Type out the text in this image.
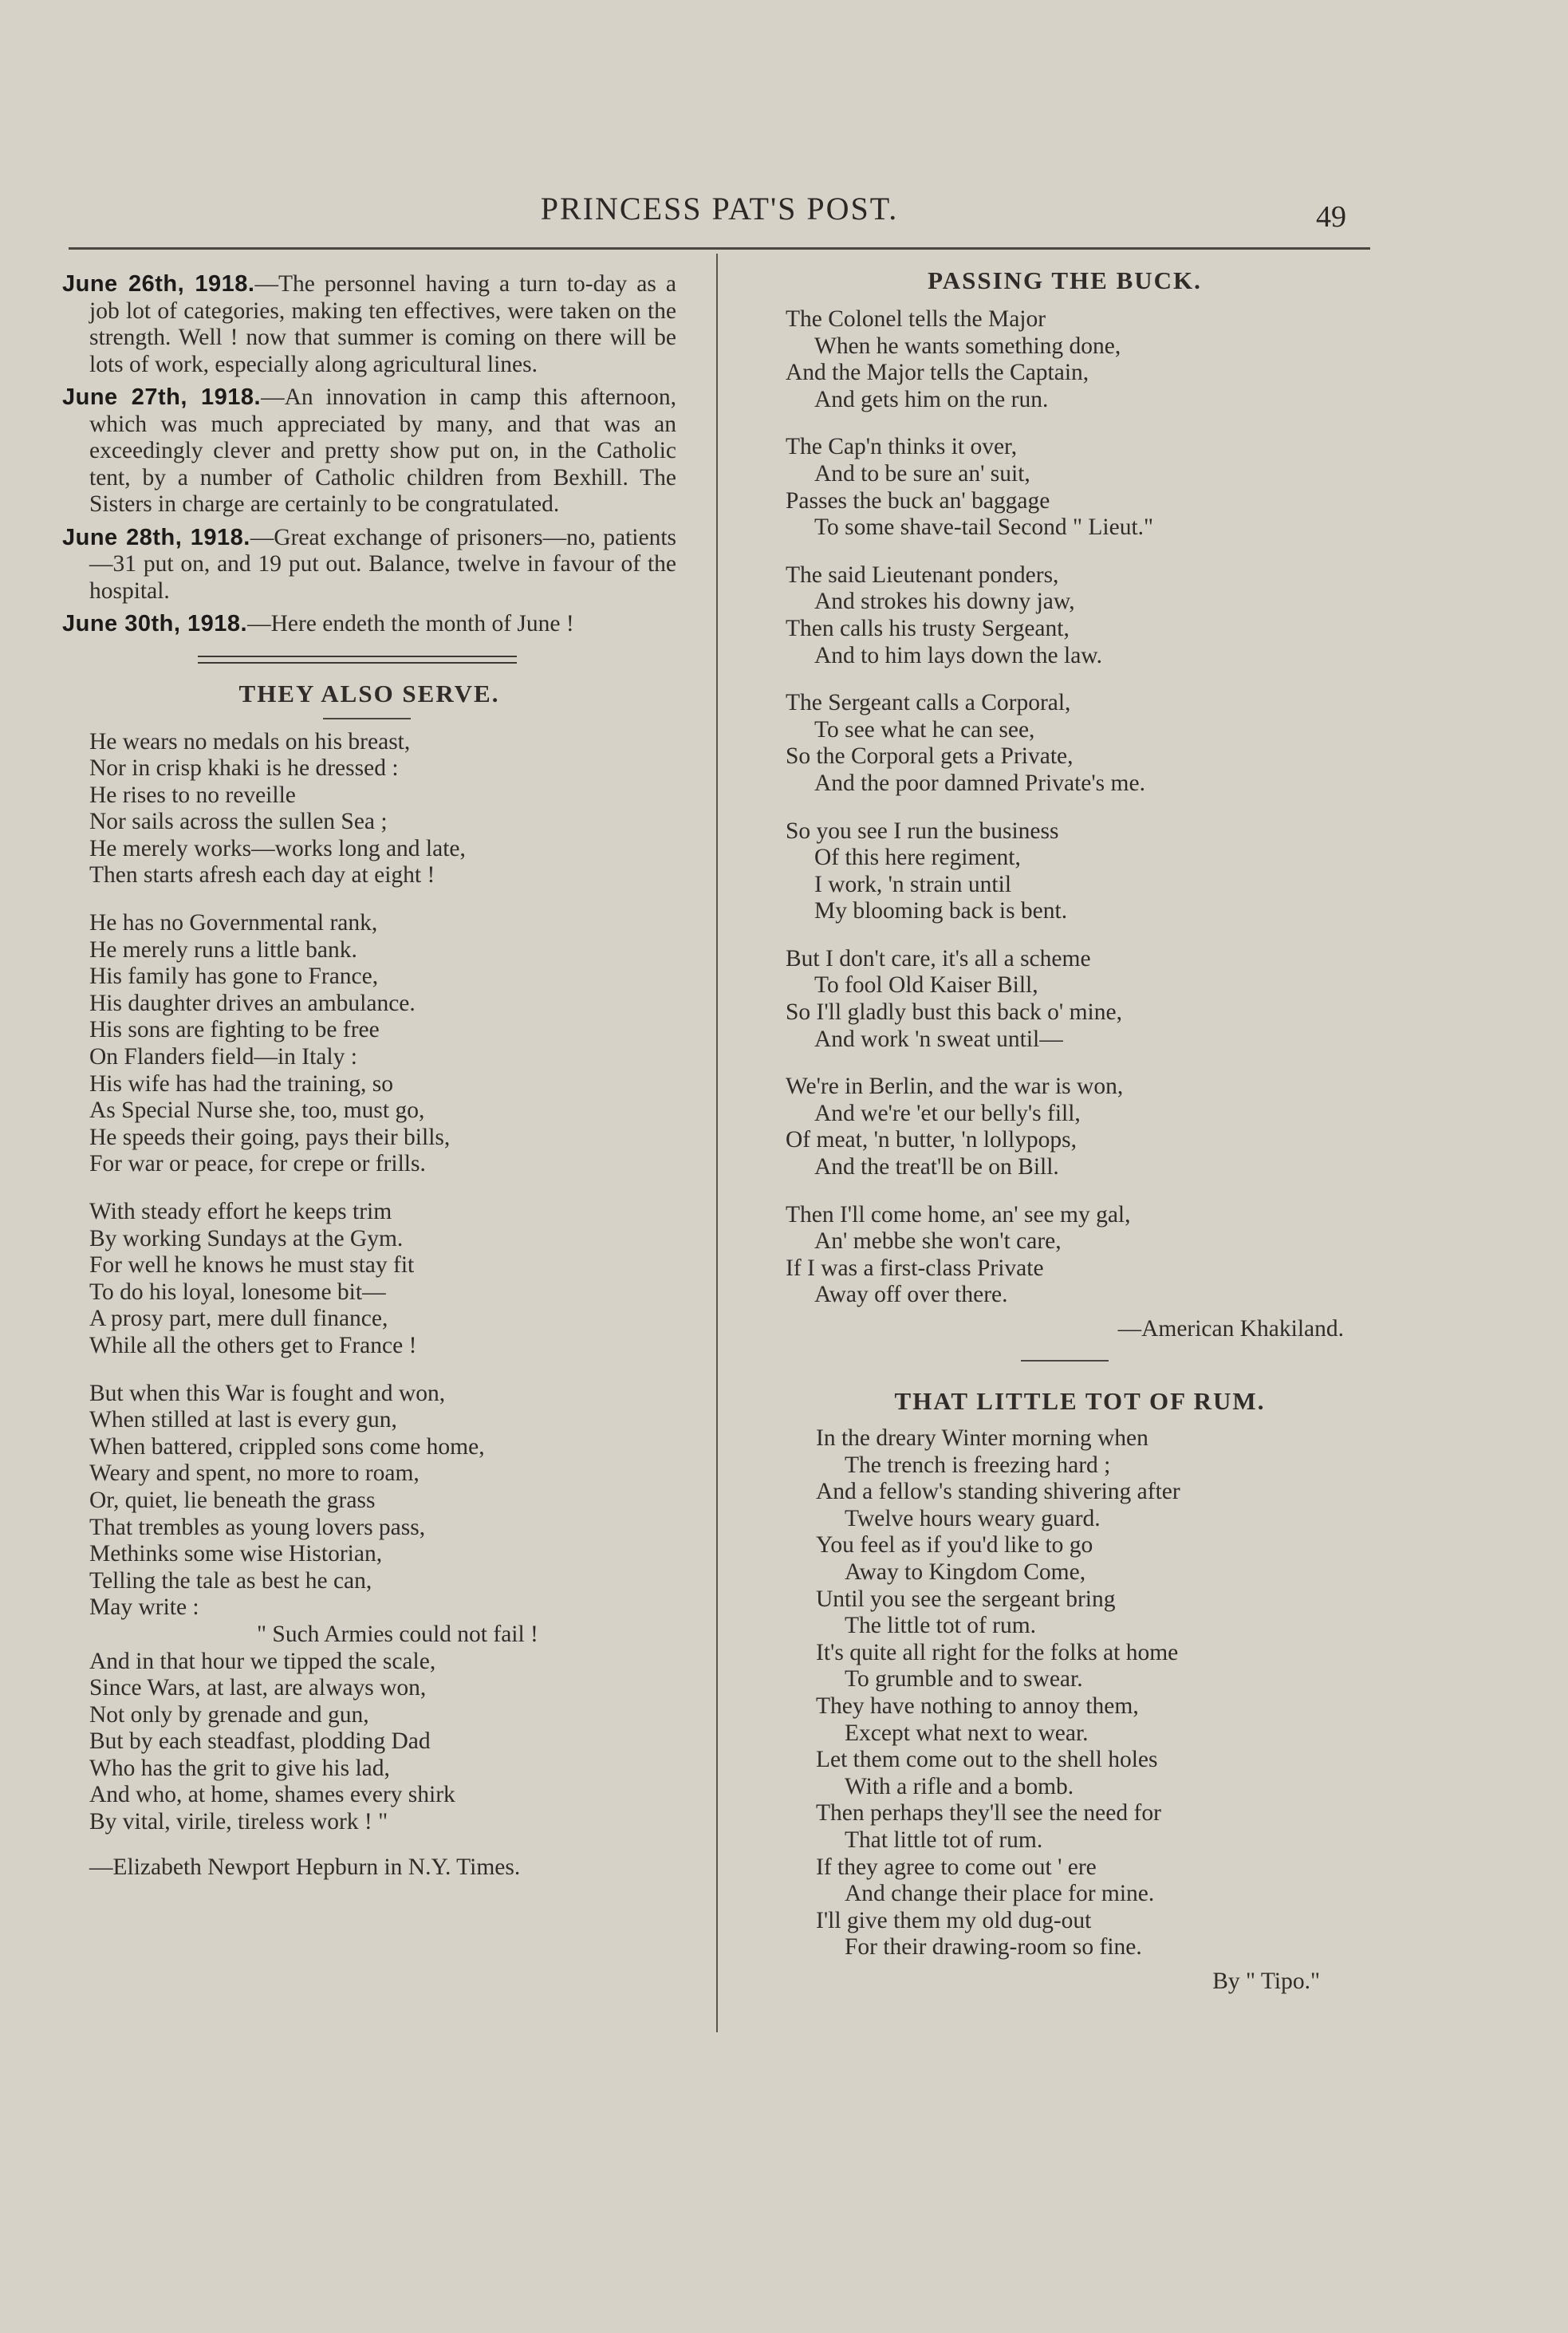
PRINCESS PAT'S POST.	49

June 26th, 1918.—The personnel having a turn to-day as a job lot of categories, making ten effectives, were taken on the strength. Well ! now that summer is coming on there will be lots of work, especially along agricultural lines.

June 27th, 1918.—An innovation in camp this afternoon, which was much appreciated by many, and that was an exceedingly clever and pretty show put on, in the Catholic tent, by a number of Catholic children from Bexhill. The Sisters in charge are certainly to be congratulated.

June 28th, 1918.—Great exchange of prisoners—no, patients—31 put on, and 19 put out. Balance, twelve in favour of the hospital.

June 30th, 1918.—Here endeth the month of June !

THEY ALSO SERVE.
He wears no medals on his breast,
Nor in crisp khaki is he dressed :
He rises to no reveille
Nor sails across the sullen Sea ;
He merely works—works long and late,
Then starts afresh each day at eight !
He has no Governmental rank,
He merely runs a little bank.
His family has gone to France,
His daughter drives an ambulance.
His sons are fighting to be free
On Flanders field—in Italy :
His wife has had the training, so
As Special Nurse she, too, must go,
He speeds their going, pays their bills,
For war or peace, for crepe or frills.
With steady effort he keeps trim
By working Sundays at the Gym.
For well he knows he must stay fit
To do his loyal, lonesome bit—
A prosy part, mere dull finance,
While all the others get to France !
But when this War is fought and won,
When stilled at last is every gun,
When battered, crippled sons come home,
Weary and spent, no more to roam,
Or, quiet, lie beneath the grass
That trembles as young lovers pass,
Methinks some wise Historian,
Telling the tale as best he can,
May write :
" Such Armies could not fail !
And in that hour we tipped the scale,
Since Wars, at last, are always won,
Not only by grenade and gun,
But by each steadfast, plodding Dad
Who has the grit to give his lad,
And who, at home, shames every shirk
By vital, virile, tireless work ! "
—Elizabeth Newport Hepburn in N.Y. Times.
PASSING THE BUCK.
The Colonel tells the Major
When he wants something done,
And the Major tells the Captain,
And gets him on the run.
The Cap'n thinks it over,
And to be sure an' suit,
Passes the buck an' baggage
To some shave-tail Second " Lieut."
The said Lieutenant ponders,
And strokes his downy jaw,
Then calls his trusty Sergeant,
And to him lays down the law.
The Sergeant calls a Corporal,
To see what he can see,
So the Corporal gets a Private,
And the poor damned Private's me.
So you see I run the business
Of this here regiment,
I work, 'n strain until
My blooming back is bent.
But I don't care, it's all a scheme
To fool Old Kaiser Bill,
So I'll gladly bust this back o' mine,
And work 'n sweat until—
We're in Berlin, and the war is won,
And we're 'et our belly's fill,
Of meat, 'n butter, 'n lollypops,
And the treat'll be on Bill.
Then I'll come home, an' see my gal,
An' mebbe she won't care,
If I was a first-class Private
Away off over there.
—American Khakiland.
THAT LITTLE TOT OF RUM.
In the dreary Winter morning when
The trench is freezing hard ;
And a fellow's standing shivering after
Twelve hours weary guard.
You feel as if you'd like to go
Away to Kingdom Come,
Until you see the sergeant bring
The little tot of rum.
It's quite all right for the folks at home
To grumble and to swear.
They have nothing to annoy them,
Except what next to wear.
Let them come out to the shell holes
With a rifle and a bomb.
Then perhaps they'll see the need for
That little tot of rum.
If they agree to come out ' ere
And change their place for mine.
I'll give them my old dug-out
For their drawing-room so fine.
By " Tipo."
